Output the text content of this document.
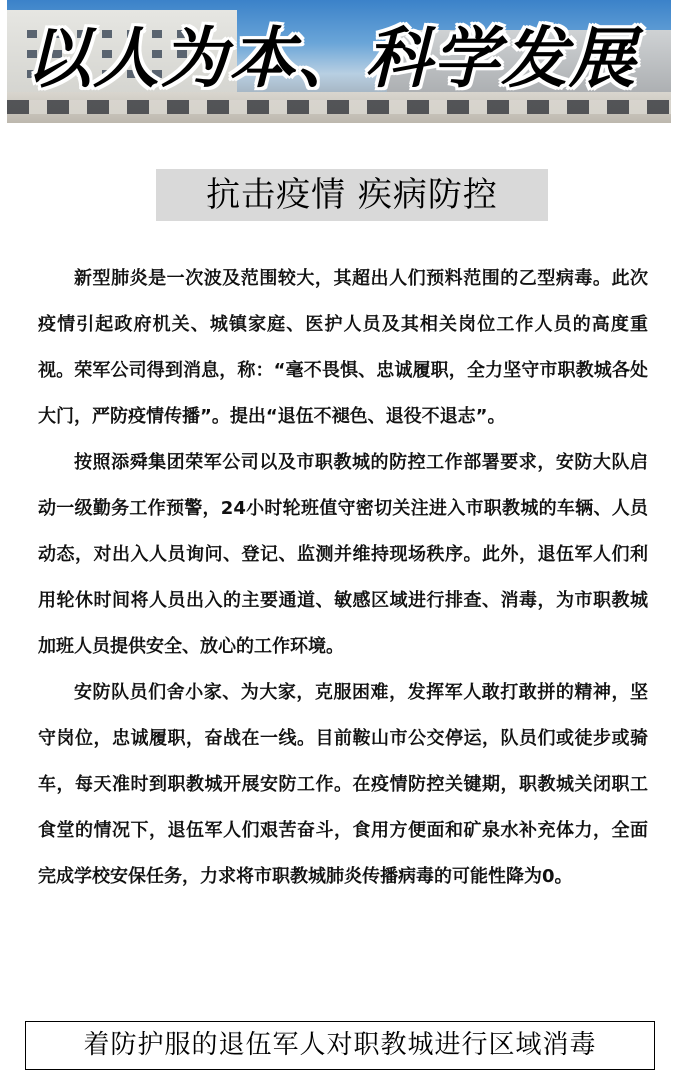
以人为本、科学发展
抗击疫情 疾病防控

新型肺炎是一次波及范围较大，其超出人们预料范围的乙型病毒。此次疫情引起政府机关、城镇家庭、医护人员及其相关岗位工作人员的高度重视。荣军公司得到消息，称：“毫不畏惧、忠诚履职，全力坚守市职教城各处大门，严防疫情传播”。提出“退伍不褪色、退役不退志”。

按照添舜集团荣军公司以及市职教城的防控工作部署要求，安防大队启动一级勤务工作预警，24小时轮班值守密切关注进入市职教城的车辆、人员动态，对出入人员询问、登记、监测并维持现场秩序。此外，退伍军人们利用轮休时间将人员出入的主要通道、敏感区域进行排查、消毒，为市职教城加班人员提供安全、放心的工作环境。

安防队员们舍小家、为大家，克服困难，发挥军人敢打敢拼的精神，坚守岗位，忠诚履职，奋战在一线。目前鞍山市公交停运，队员们或徒步或骑车，每天准时到职教城开展安防工作。在疫情防控关键期，职教城关闭职工食堂的情况下，退伍军人们艰苦奋斗，食用方便面和矿泉水补充体力，全面完成学校安保任务，力求将市职教城肺炎传播病毒的可能性降为0。

着防护服的退伍军人对职教城进行区域消毒
